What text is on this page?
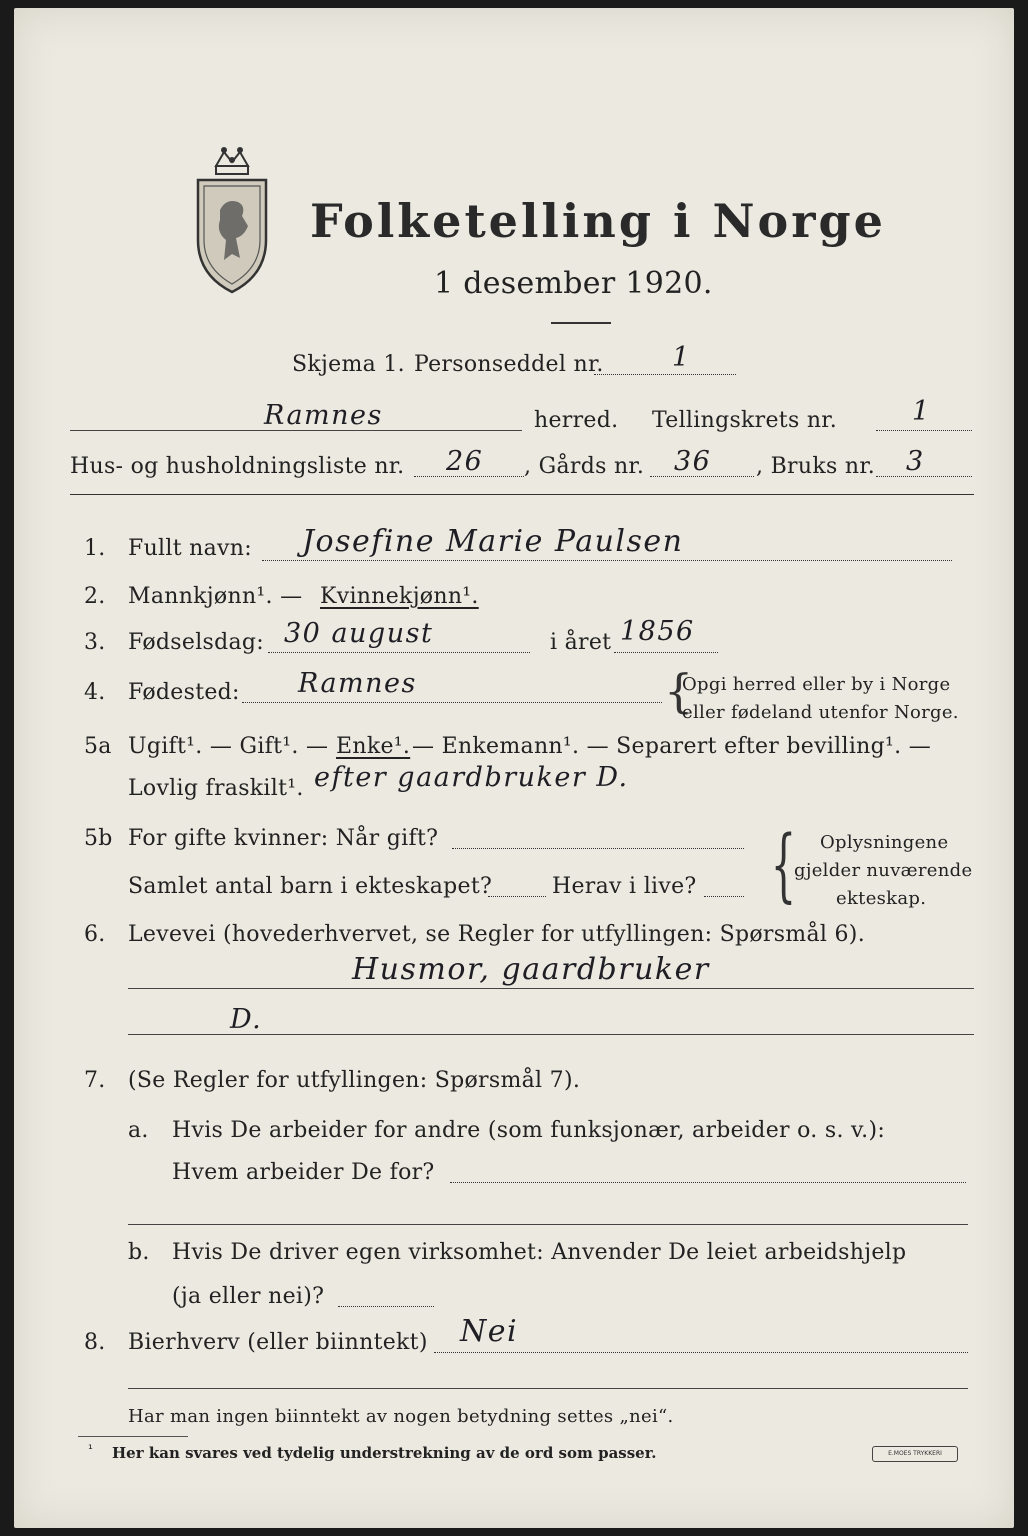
Folketelling i Norge
1 desember 1920.
Skjema 1. Personseddel nr.	1
Ramnes	herred. Tellingskrets nr.	1
Hus- og husholdningsliste nr. 26 , Gårds nr. 36 , Bruks nr. 3
1. Fullt navn: Josefine Marie Paulsen
2. Mannkjønn¹. — Kvinnekjønn¹.
3. Fødselsdag: 30 august	i året 1856
4. Fødested: Ramnes	{
Opgi herred eller by i Norge
eller fødeland utenfor Norge.
5a Ugift¹. — Gift¹. — Enke¹. — Enkemann¹. — Separert efter bevilling¹. —
Lovlig fraskilt¹. efter gaardbruker D.
5b For gifte kvinner: Når gift?
Samlet antal barn i ekteskapet?	Herav i live? { Oplysningene
gjelder nuværende
ekteskap.
6. Levevei (hovederhvervet, se Regler for utfyllingen: Spørsmål 6).
Husmor, gaardbruker
D.
7. (Se Regler for utfyllingen: Spørsmål 7).
a. Hvis De arbeider for andre (som funksjonær, arbeider o. s. v.):
Hvem arbeider De for?
b. Hvis De driver egen virksomhet: Anvender De leiet arbeidshjelp
(ja eller nei)?
8. Bierhverv (eller biinntekt) Nei
Har man ingen biinntekt av nogen betydning settes „nei“.
¹ Her kan svares ved tydelig understrekning av de ord som passer.	E.MOES TRYKKERI
